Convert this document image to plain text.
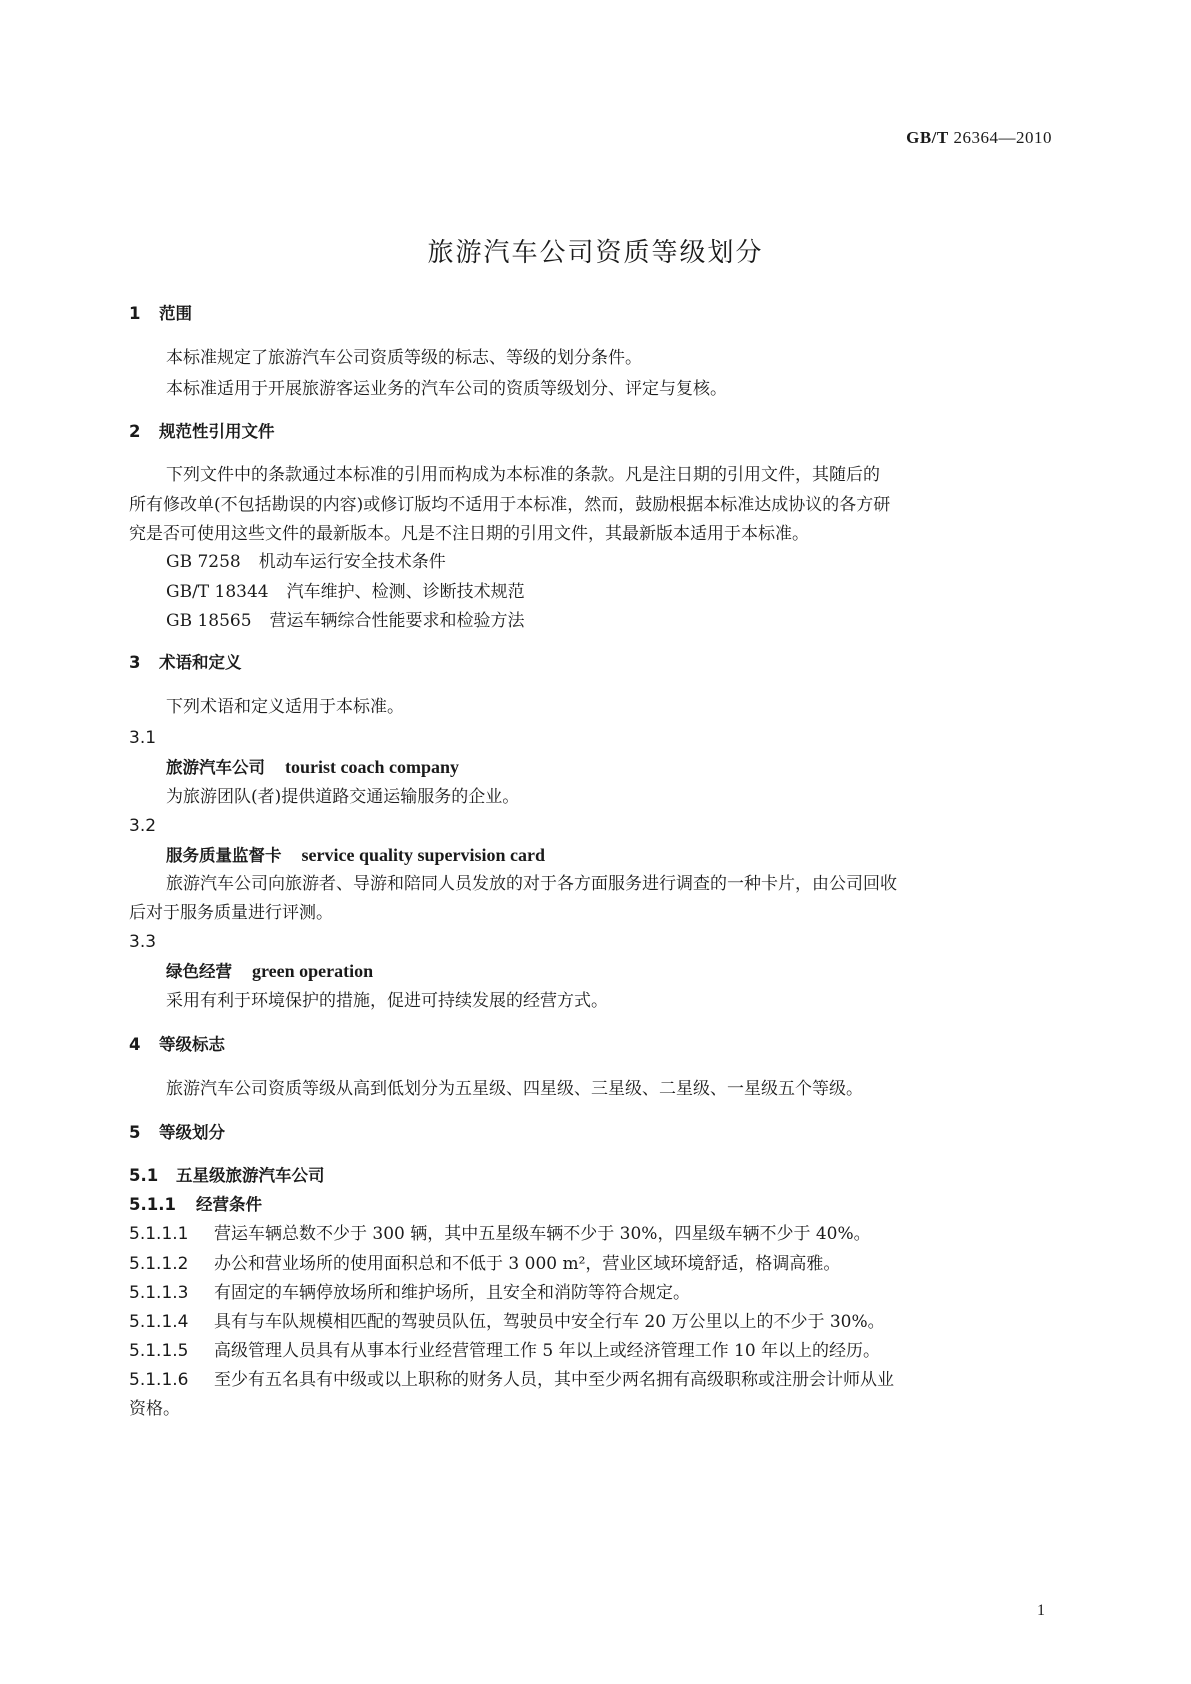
GB/T 26364—2010
旅游汽车公司资质等级划分
1 范围
本标准规定了旅游汽车公司资质等级的标志、等级的划分条件。
本标准适用于开展旅游客运业务的汽车公司的资质等级划分、评定与复核。
2 规范性引用文件
下列文件中的条款通过本标准的引用而构成为本标准的条款。凡是注日期的引用文件，其随后的
所有修改单(不包括勘误的内容)或修订版均不适用于本标准，然而，鼓励根据本标准达成协议的各方研
究是否可使用这些文件的最新版本。凡是不注日期的引用文件，其最新版本适用于本标准。
GB 7258 机动车运行安全技术条件
GB/T 18344 汽车维护、检测、诊断技术规范
GB 18565 营运车辆综合性能要求和检验方法
3 术语和定义
下列术语和定义适用于本标准。
3.1
旅游汽车公司 tourist coach company
为旅游团队(者)提供道路交通运输服务的企业。
3.2
服务质量监督卡 service quality supervision card
旅游汽车公司向旅游者、导游和陪同人员发放的对于各方面服务进行调查的一种卡片，由公司回收
后对于服务质量进行评测。
3.3
绿色经营 green operation
采用有利于环境保护的措施，促进可持续发展的经营方式。
4 等级标志
旅游汽车公司资质等级从高到低划分为五星级、四星级、三星级、二星级、一星级五个等级。
5 等级划分
5.1 五星级旅游汽车公司
5.1.1 经营条件
5.1.1.1 营运车辆总数不少于 300 辆，其中五星级车辆不少于 30%，四星级车辆不少于 40%。
5.1.1.2 办公和营业场所的使用面积总和不低于 3 000 m²，营业区域环境舒适，格调高雅。
5.1.1.3 有固定的车辆停放场所和维护场所，且安全和消防等符合规定。
5.1.1.4 具有与车队规模相匹配的驾驶员队伍，驾驶员中安全行车 20 万公里以上的不少于 30%。
5.1.1.5 高级管理人员具有从事本行业经营管理工作 5 年以上或经济管理工作 10 年以上的经历。
5.1.1.6 至少有五名具有中级或以上职称的财务人员，其中至少两名拥有高级职称或注册会计师从业
资格。
1
